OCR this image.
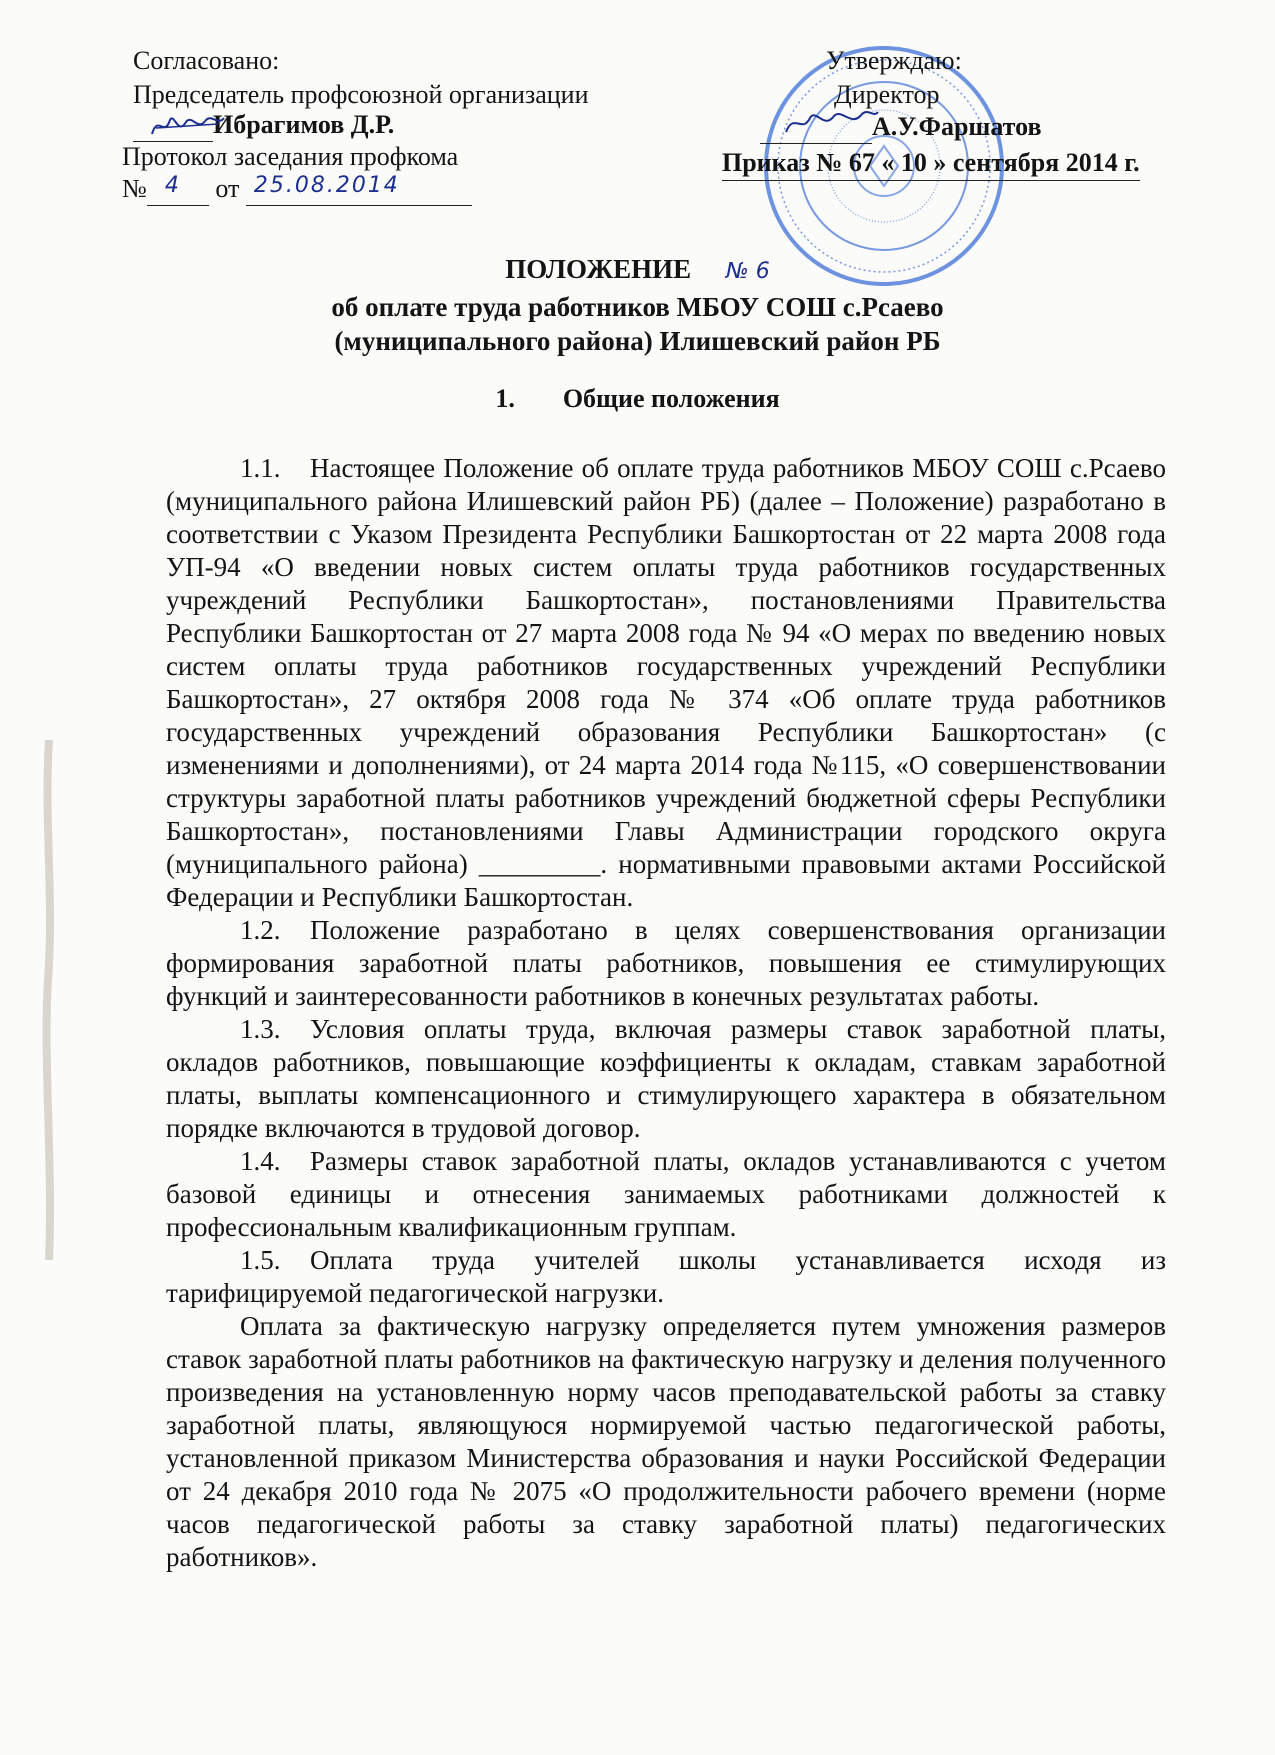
Согласовано:
Председатель профсоюзной организации
Ибрагимов Д.Р.
Протокол заседания профкома
№ 4 от 25.08.2014
Утверждаю:
Директор
А.У.Фаршатов
Приказ № 67 « 10 » сентября 2014 г.
ПОЛОЖЕНИЕ № 6
об оплате труда работников МБОУ СОШ с.Рсаево
(муниципального района) Илишевский район РБ
1. Общие положения

1.1. Настоящее Положение об оплате труда работников МБОУ СОШ с.Рсаево (муниципального района Илишевский район РБ) (далее – Положение) разработано в соответствии с Указом Президента Республики Башкортостан от 22 марта 2008 года УП-94 «О введении новых систем оплаты труда работников государственных учреждений Республики Башкортостан», постановлениями Правительства Республики Башкортостан от 27 марта 2008 года № 94 «О мерах по введению новых систем оплаты труда работников государственных учреждений Республики Башкортостан», 27 октября 2008 года № 374 «Об оплате труда работников государственных учреждений образования Республики Башкортостан» (с изменениями и дополнениями), от 24 марта 2014 года №115, «О совершенствовании структуры заработной платы работников учреждений бюджетной сферы Республики Башкортостан», постановлениями Главы Администрации городского округа (муниципального района) _________. нормативными правовыми актами Российской Федерации и Республики Башкортостан.

1.2. Положение разработано в целях совершенствования организации формирования заработной платы работников, повышения ее стимулирующих функций и заинтересованности работников в конечных результатах работы.

1.3. Условия оплаты труда, включая размеры ставок заработной платы, окладов работников, повышающие коэффициенты к окладам, ставкам заработной платы, выплаты компенсационного и стимулирующего характера в обязательном порядке включаются в трудовой договор.

1.4. Размеры ставок заработной платы, окладов устанавливаются с учетом базовой единицы и отнесения занимаемых работниками должностей к профессиональным квалификационным группам.

1.5. Оплата труда учителей школы устанавливается исходя из тарифицируемой педагогической нагрузки.

Оплата за фактическую нагрузку определяется путем умножения размеров ставок заработной платы работников на фактическую нагрузку и деления полученного произведения на установленную норму часов преподавательской работы за ставку заработной платы, являющуюся нормируемой частью педагогической работы, установленной приказом Министерства образования и науки Российской Федерации от 24 декабря 2010 года № 2075 «О продолжительности рабочего времени (норме часов педагогической работы за ставку заработной платы) педагогических работников».
